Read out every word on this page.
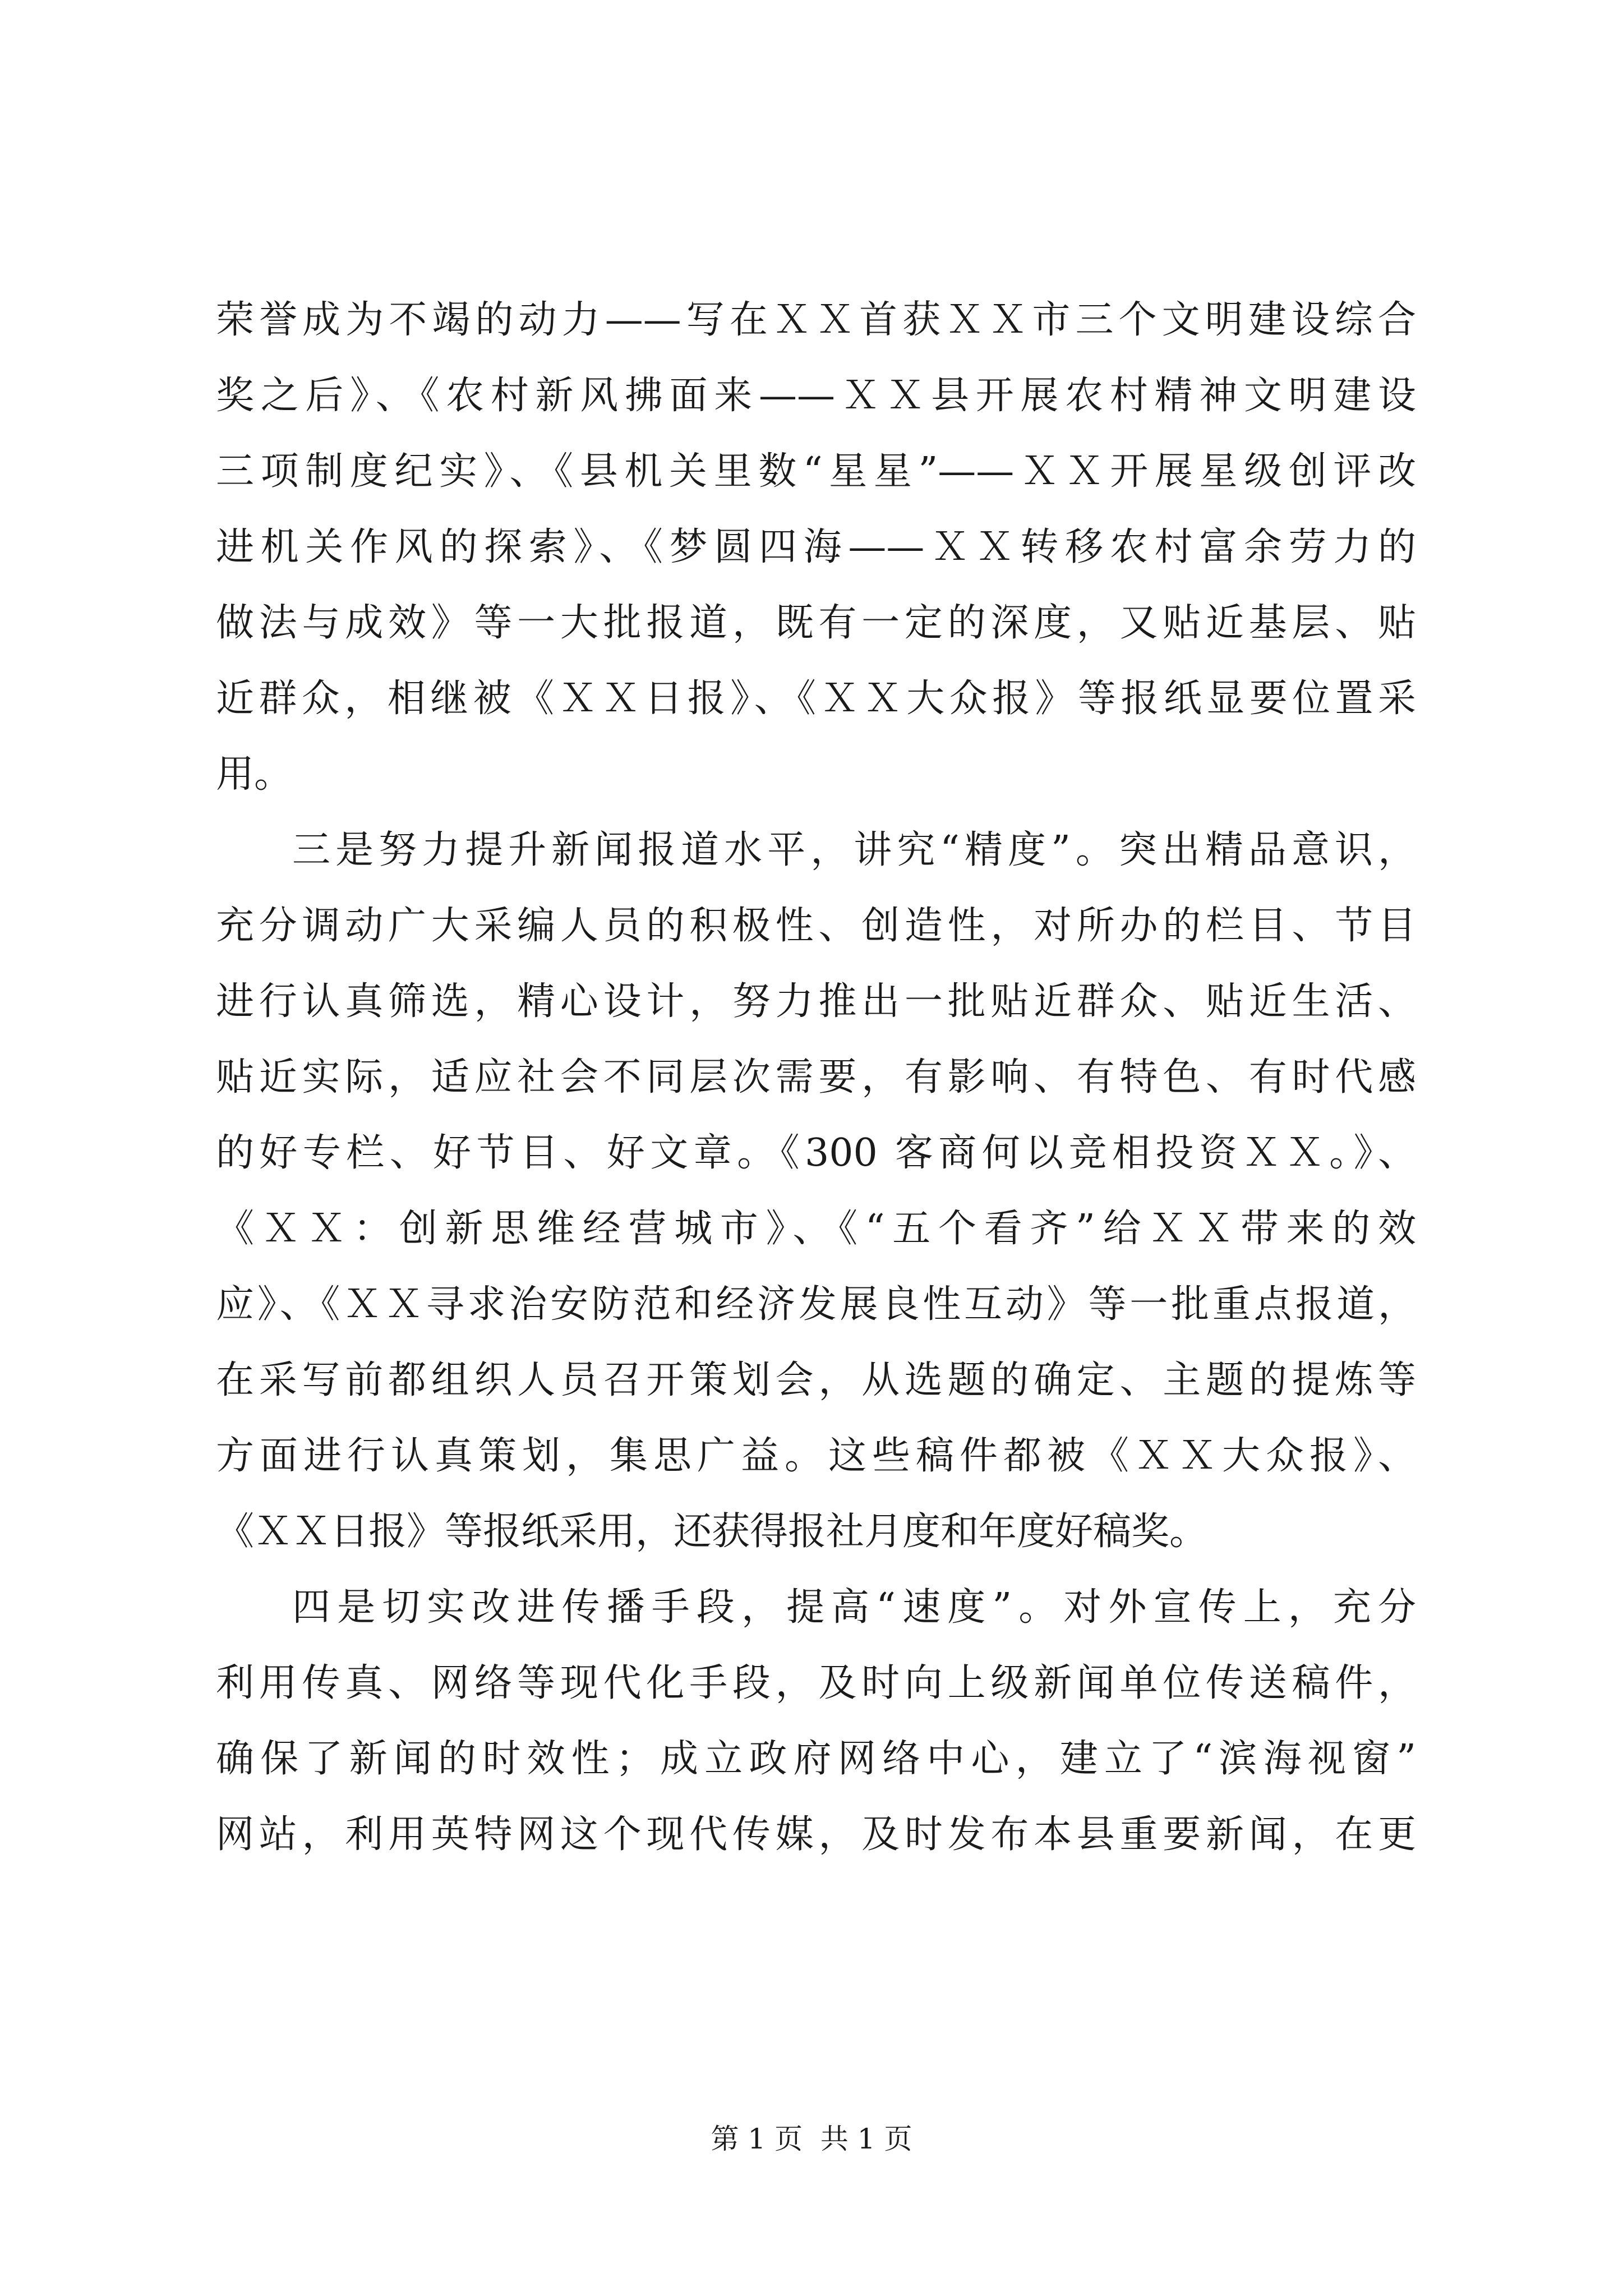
荣誉成为不竭的动力——写在ＸＸ首获ＸＸ市三个文明建设综合
奖之后》、《农村新风拂面来——ＸＸ县开展农村精神文明建设
三项制度纪实》、《县机关里数“星星”——ＸＸ开展星级创评改
进机关作风的探索》、《梦圆四海——ＸＸ转移农村富余劳力的
做法与成效》等一大批报道，既有一定的深度，又贴近基层、贴
近群众，相继被《ＸＸ日报》、《ＸＸ大众报》等报纸显要位置采
用。
三是努力提升新闻报道水平，讲究“精度”。突出精品意识，
充分调动广大采编人员的积极性、创造性，对所办的栏目、节目
进行认真筛选，精心设计，努力推出一批贴近群众、贴近生活、
贴近实际，适应社会不同层次需要，有影响、有特色、有时代感
的好专栏、好节目、好文章。《300 客商何以竞相投资ＸＸ。》、
《ＸＸ：创新思维经营城市》、《“五个看齐”给ＸＸ带来的效
应》、《ＸＸ寻求治安防范和经济发展良性互动》等一批重点报道，
在采写前都组织人员召开策划会，从选题的确定、主题的提炼等
方面进行认真策划，集思广益。这些稿件都被《ＸＸ大众报》、
《ＸＸ日报》等报纸采用，还获得报社月度和年度好稿奖。
四是切实改进传播手段，提高“速度”。对外宣传上，充分
利用传真、网络等现代化手段，及时向上级新闻单位传送稿件，
确保了新闻的时效性；成立政府网络中心，建立了“滨海视窗”
网站，利用英特网这个现代传媒，及时发布本县重要新闻，在更
第 1 页  共 1 页
